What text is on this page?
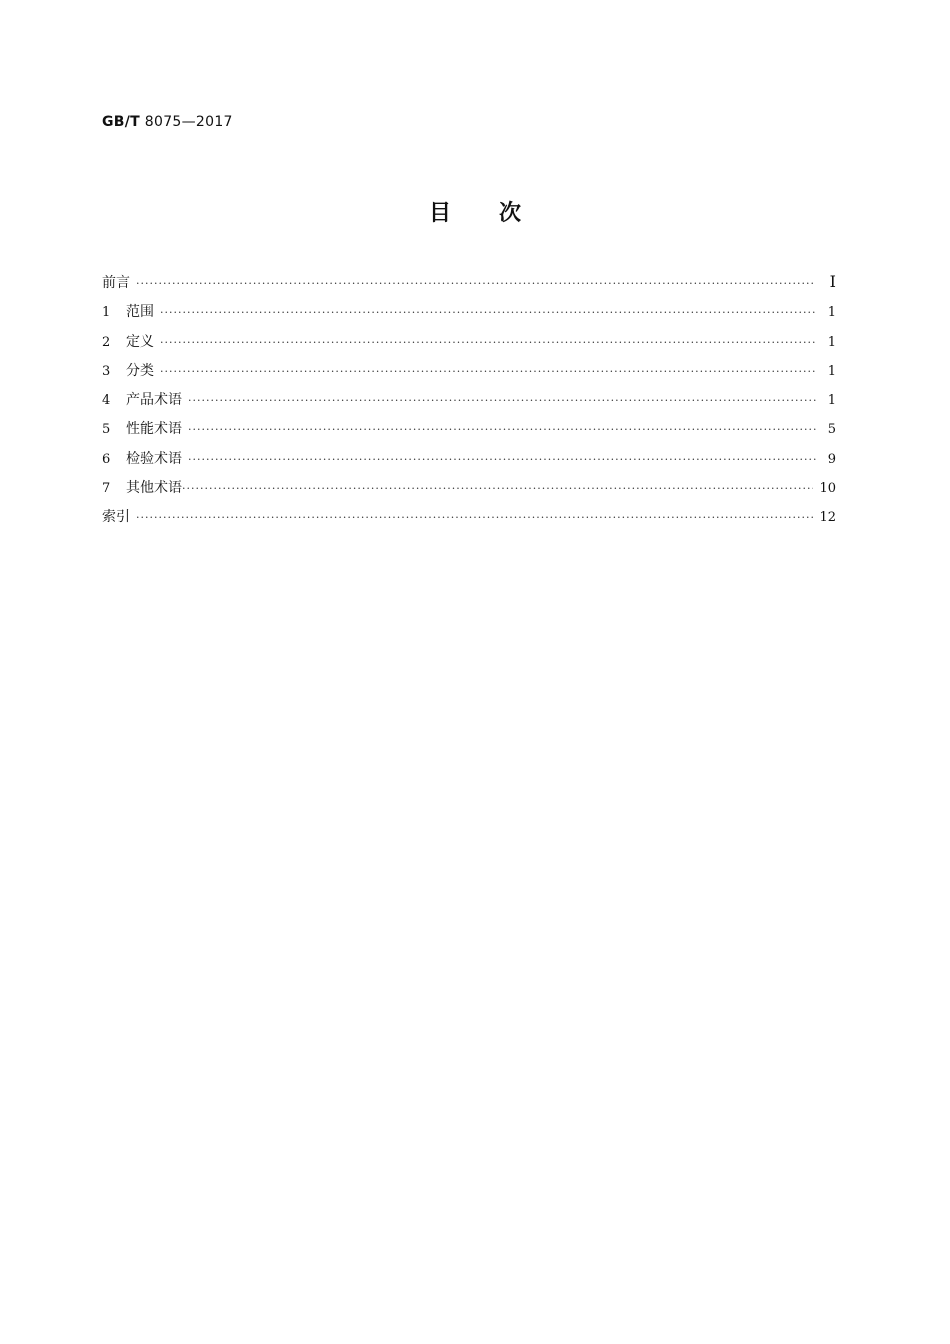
GB/T 8075—2017
目次
前言 ·····	Ⅰ
1	范围 ·····	1
2	定义 ·····	1
3	分类 ·····	1
4	产品术语 ·····	1
5	性能术语 ·····	5
6	检验术语 ·····	9
7	其他术语 ·····	10
索引 ·····	12
